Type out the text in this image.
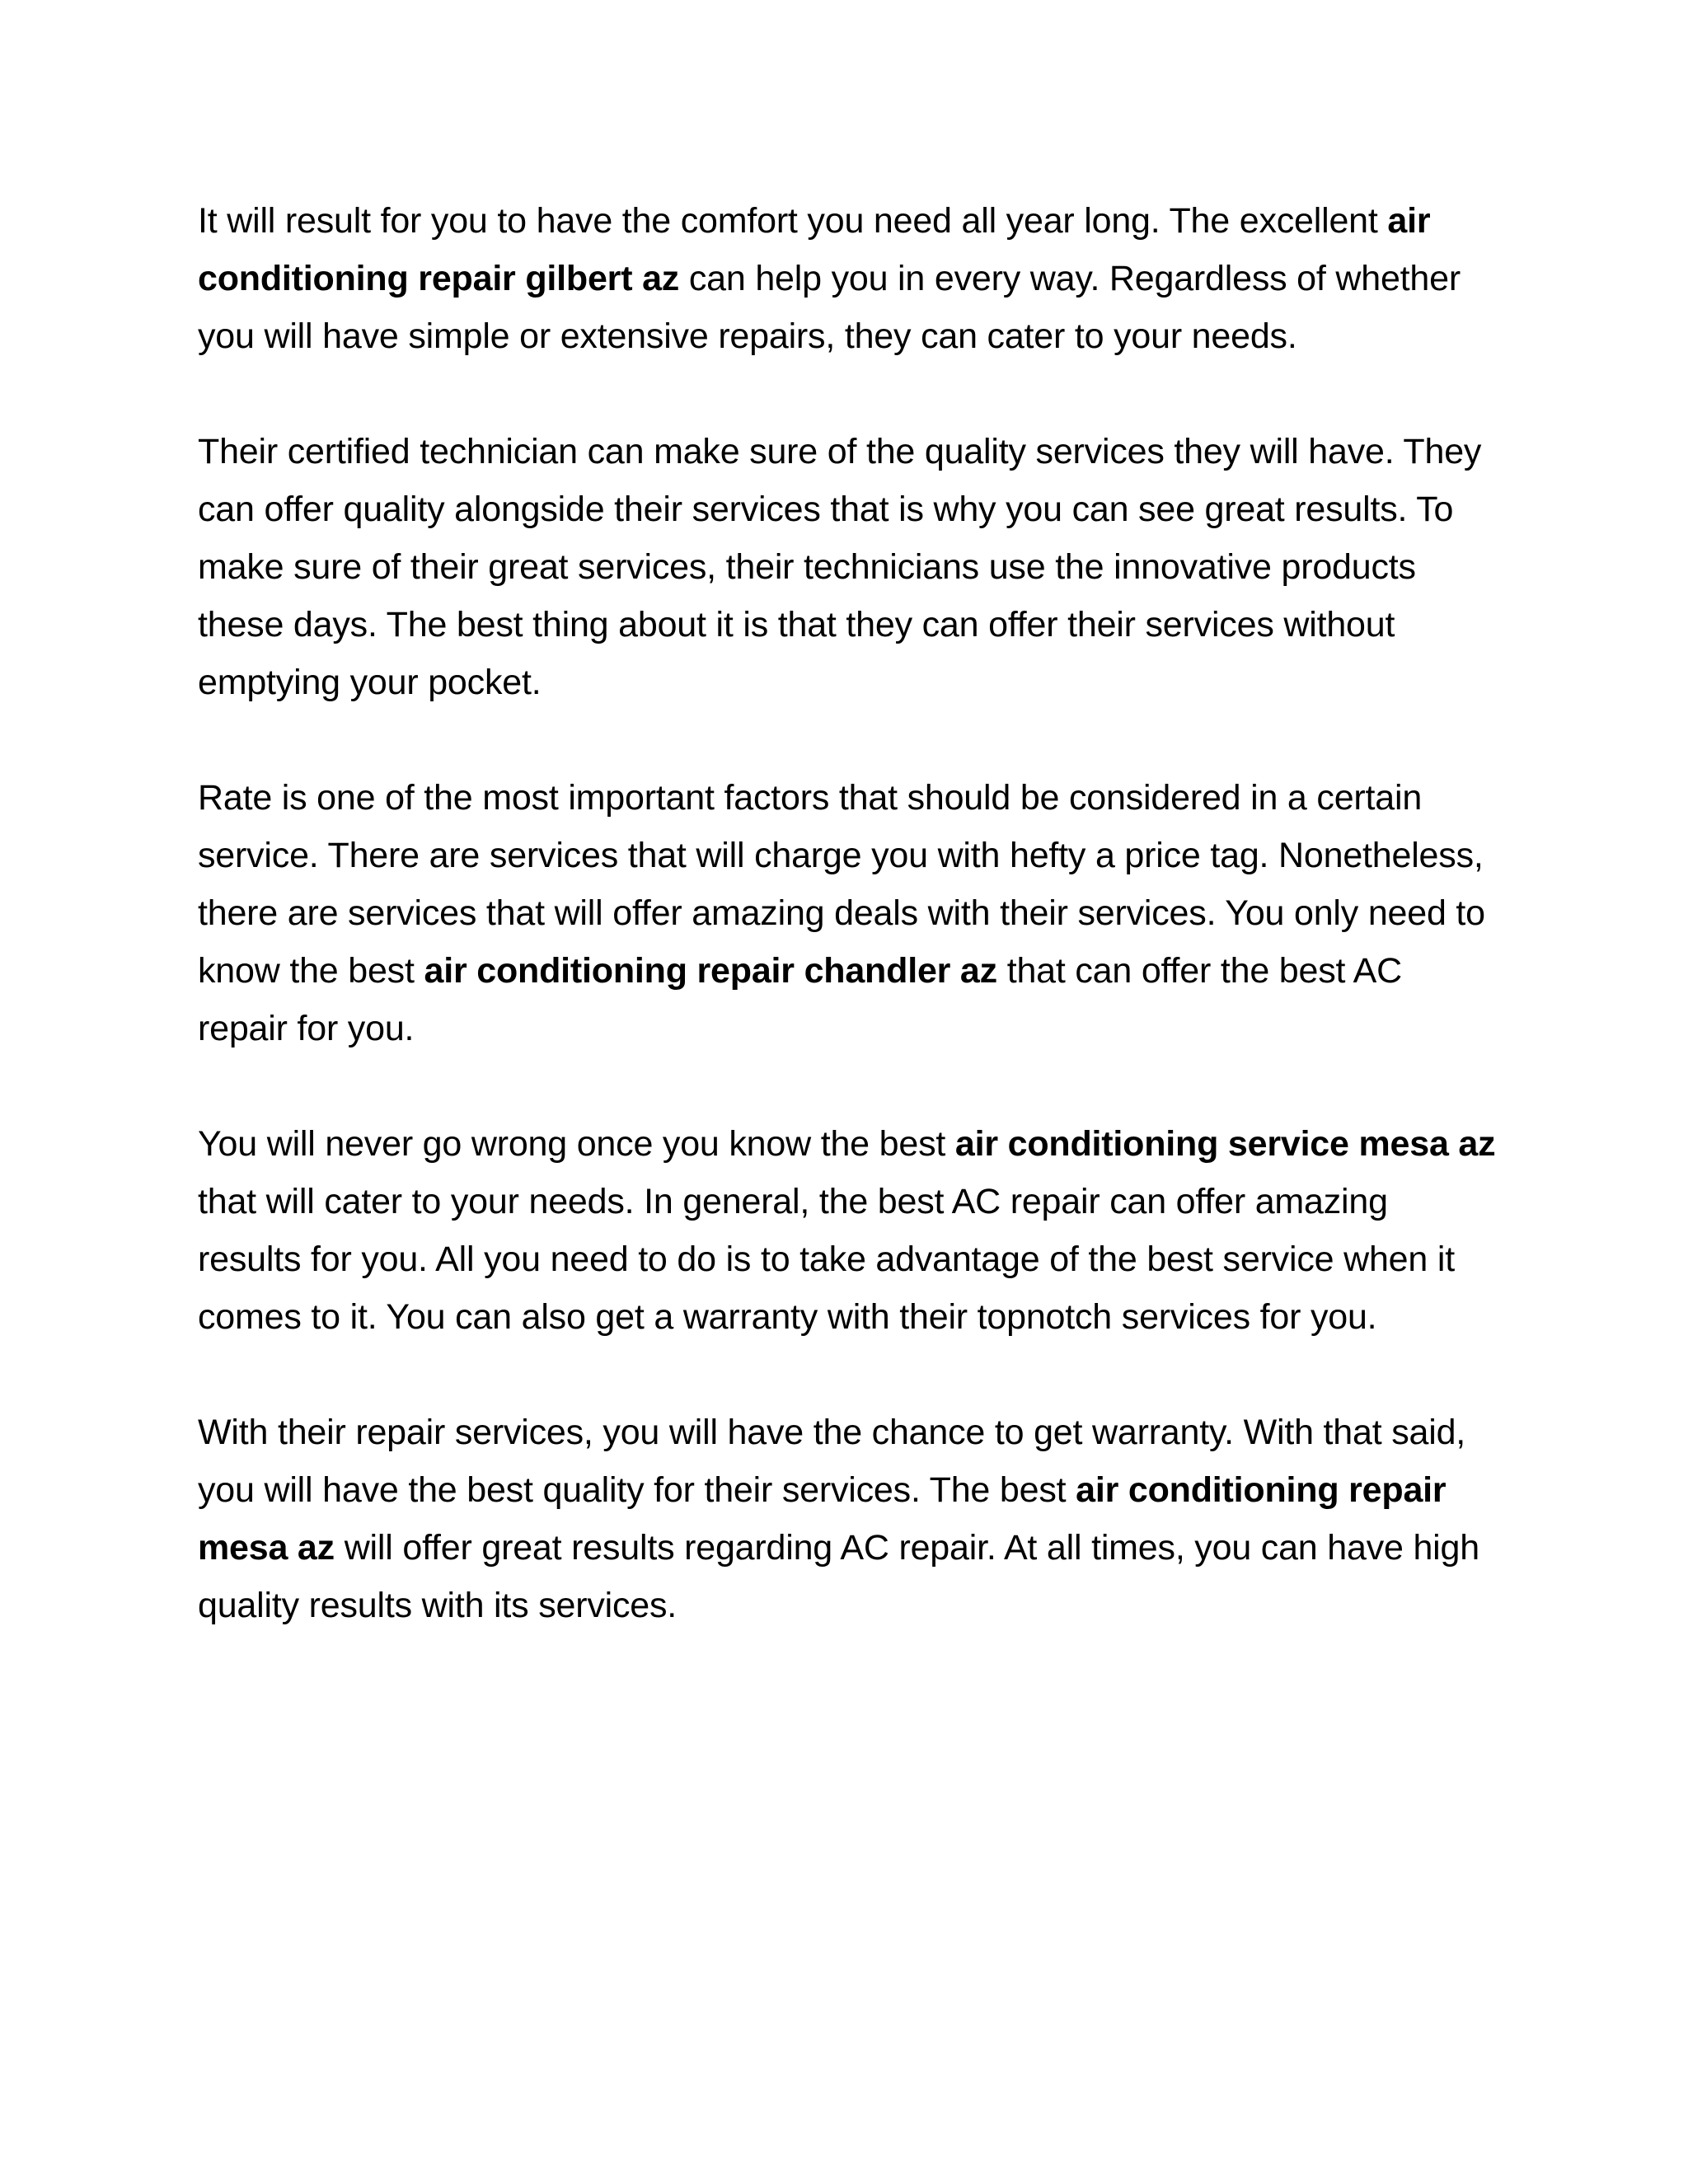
It will result for you to have the comfort you need all year long. The excellent air conditioning repair gilbert az can help you in every way. Regardless of whether you will have simple or extensive repairs, they can cater to your needs.

Their certified technician can make sure of the quality services they will have. They can offer quality alongside their services that is why you can see great results. To make sure of their great services, their technicians use the innovative products these days. The best thing about it is that they can offer their services without emptying your pocket.

Rate is one of the most important factors that should be considered in a certain service. There are services that will charge you with hefty a price tag. Nonetheless, there are services that will offer amazing deals with their services. You only need to know the best air conditioning repair chandler az that can offer the best AC repair for you.

You will never go wrong once you know the best air conditioning service mesa az that will cater to your needs. In general, the best AC repair can offer amazing results for you. All you need to do is to take advantage of the best service when it comes to it. You can also get a warranty with their topnotch services for you.

With their repair services, you will have the chance to get warranty. With that said, you will have the best quality for their services. The best air conditioning repair mesa az will offer great results regarding AC repair. At all times, you can have high quality results with its services.
